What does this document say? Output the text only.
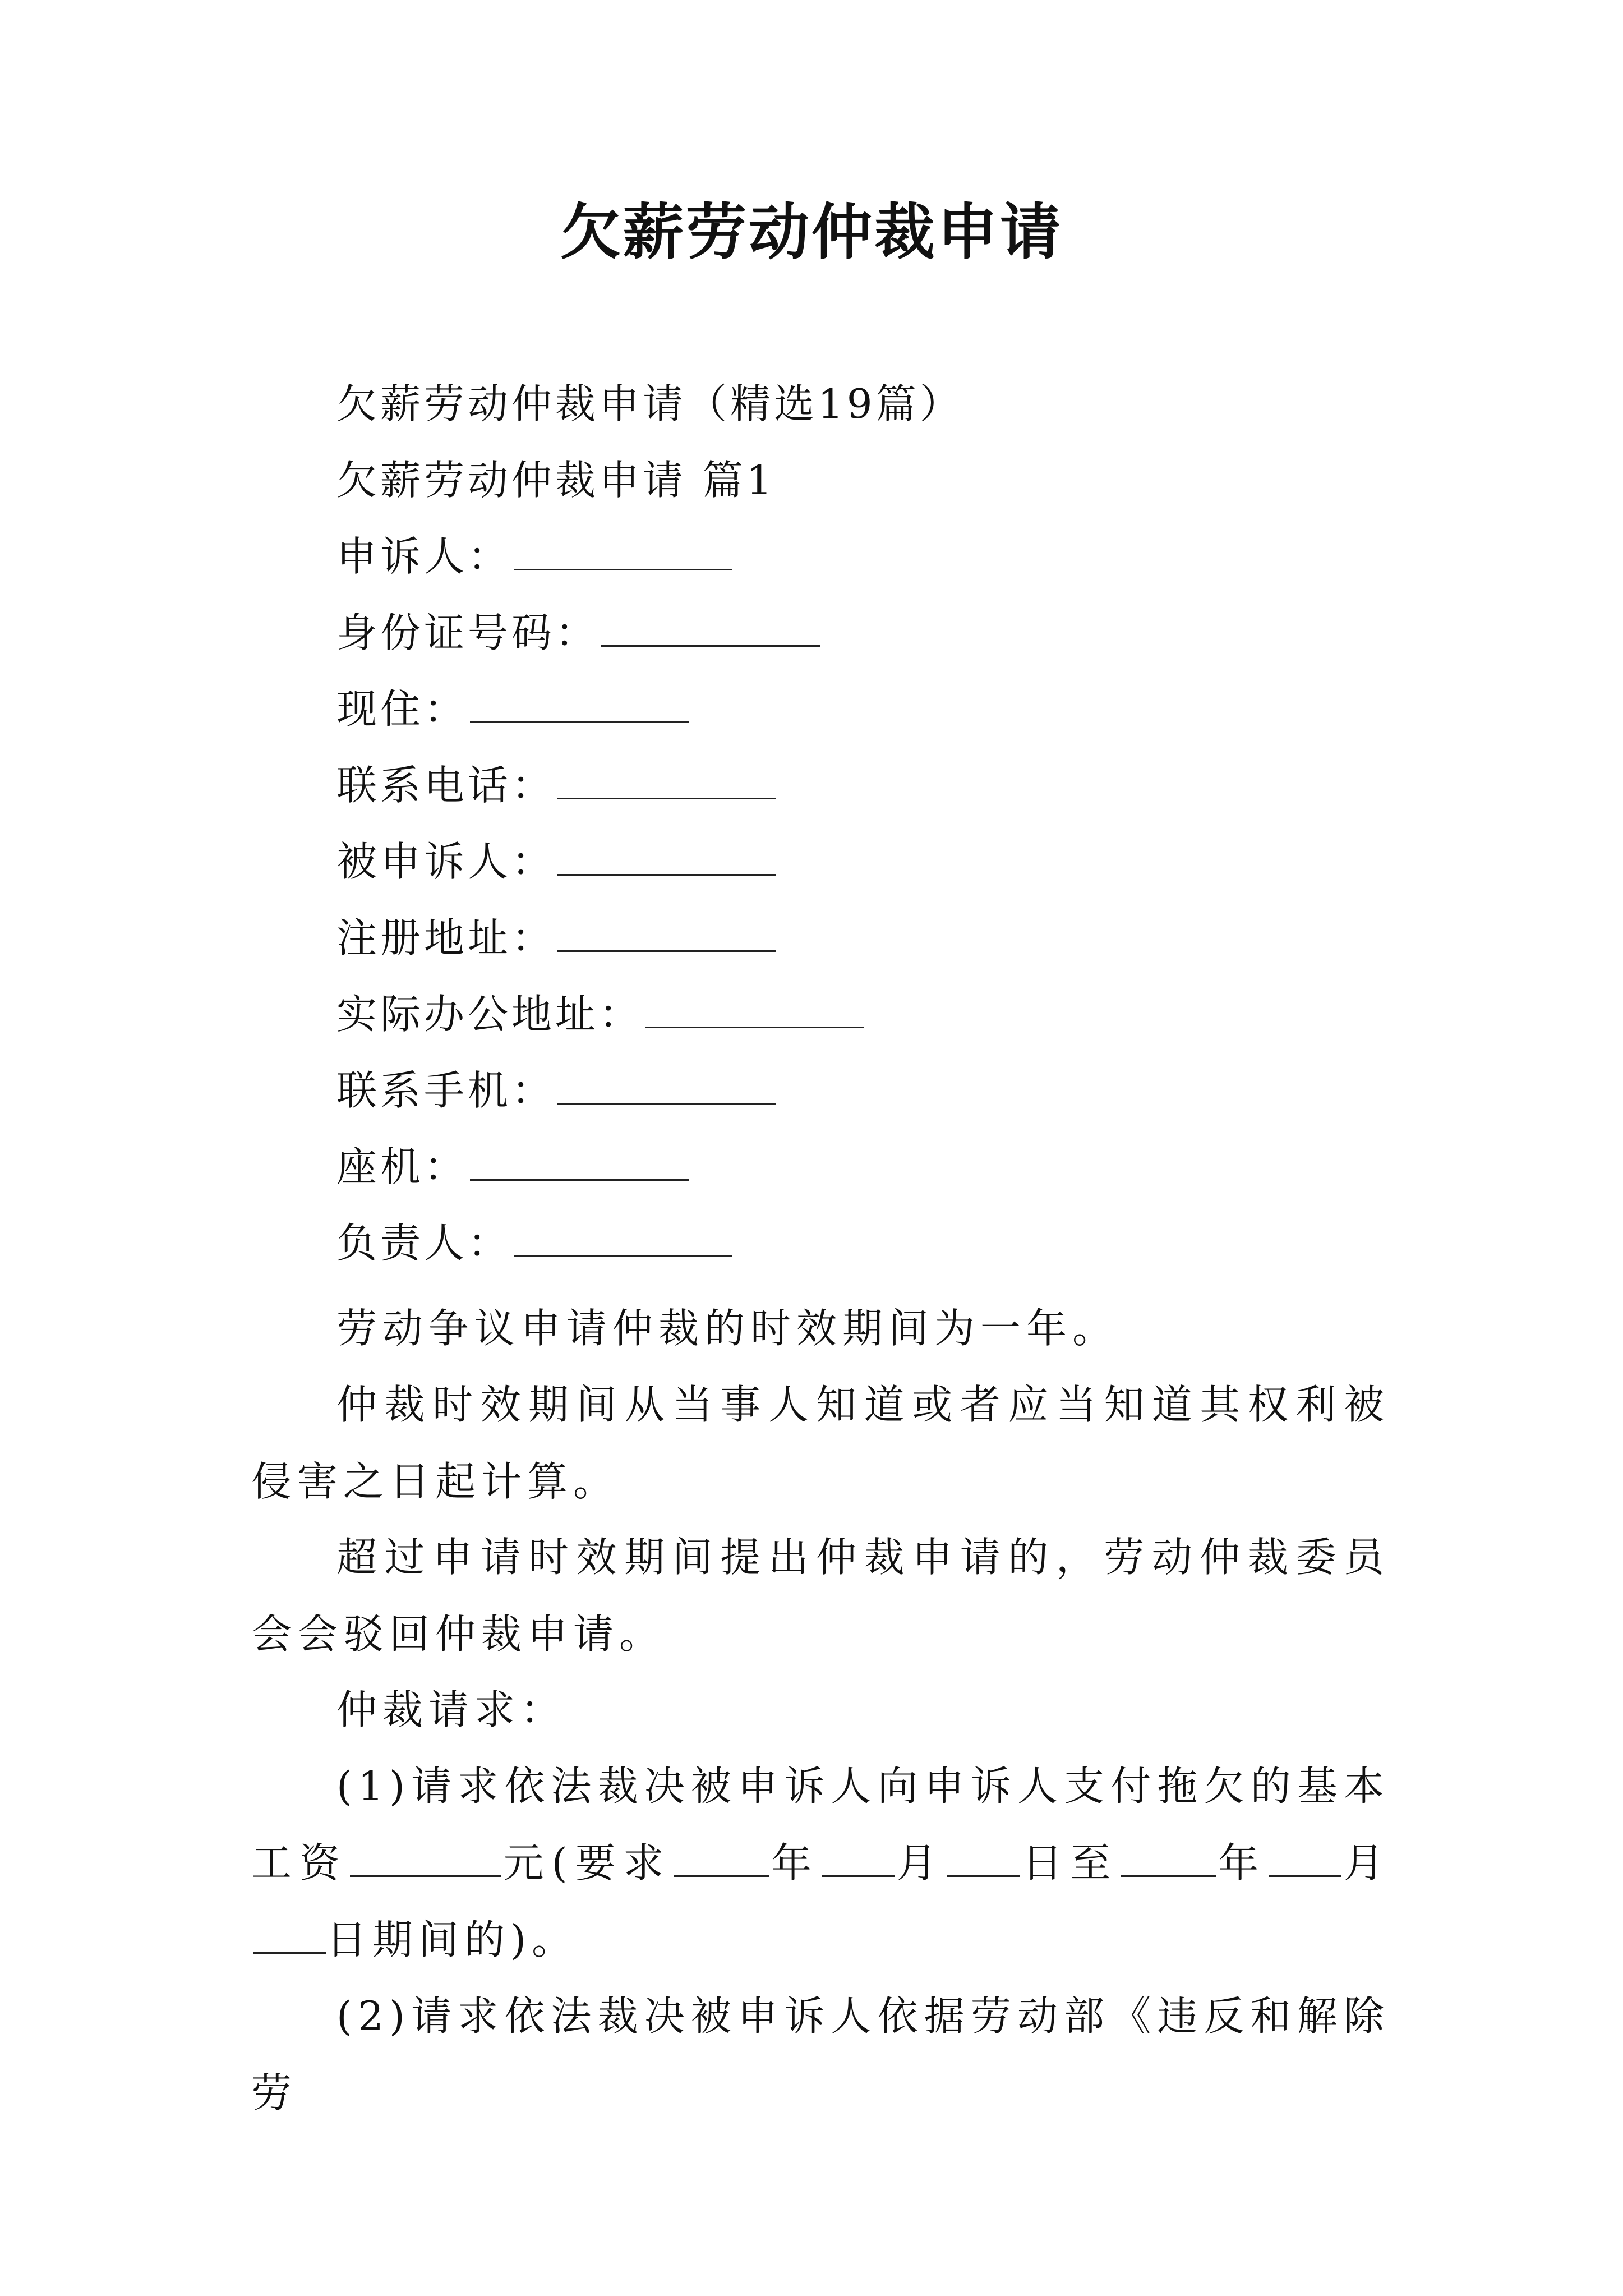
欠薪劳动仲裁申请
欠薪劳动仲裁申请（精选19篇）
欠薪劳动仲裁申请 篇1
申诉人：
身份证号码：
现住：
联系电话：
被申诉人：
注册地址：
实际办公地址：
联系手机：
座机：
负责人：
劳动争议申请仲裁的时效期间为一年。
仲裁时效期间从当事人知道或者应当知道其权利被侵害之日起计算。
超过申请时效期间提出仲裁申请的，劳动仲裁委员会会驳回仲裁申请。
仲裁请求：
(1)请求依法裁决被申诉人向申诉人支付拖欠的基本工资	元(要求 年 月 日至 年 月日期间的)。
(2)请求依法裁决被申诉人依据劳动部《违反和解除劳
